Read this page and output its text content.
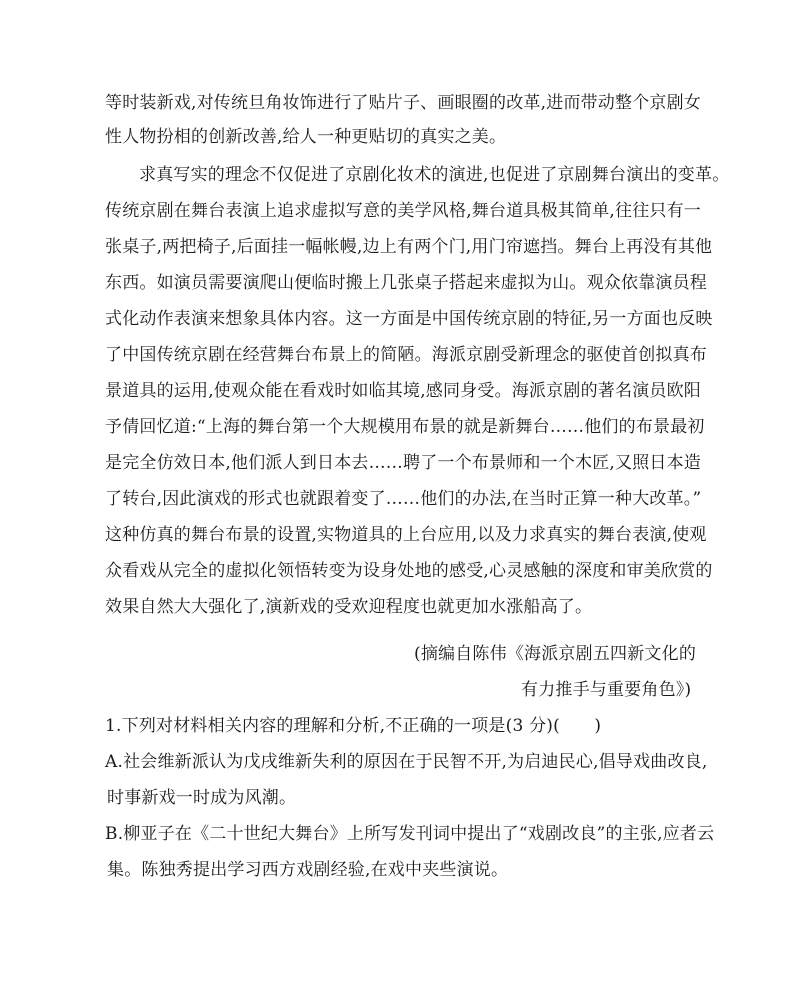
等时装新戏,对传统旦角妆饰进行了贴片子、画眼圈的改革,进而带动整个京剧女
性人物扮相的创新改善,给人一种更贴切的真实之美。
求真写实的理念不仅促进了京剧化妆术的演进,也促进了京剧舞台演出的变革。
传统京剧在舞台表演上追求虚拟写意的美学风格,舞台道具极其简单,往往只有一
张桌子,两把椅子,后面挂一幅帐幔,边上有两个门,用门帘遮挡。舞台上再没有其他
东西。如演员需要演爬山便临时搬上几张桌子搭起来虚拟为山。观众依靠演员程
式化动作表演来想象具体内容。这一方面是中国传统京剧的特征,另一方面也反映
了中国传统京剧在经营舞台布景上的简陋。海派京剧受新理念的驱使首创拟真布
景道具的运用,使观众能在看戏时如临其境,感同身受。海派京剧的著名演员欧阳
予倩回忆道:“上海的舞台第一个大规模用布景的就是新舞台……他们的布景最初
是完全仿效日本,他们派人到日本去……聘了一个布景师和一个木匠,又照日本造
了转台,因此演戏的形式也就跟着变了……他们的办法,在当时正算一种大改革。”
这种仿真的舞台布景的设置,实物道具的上台应用,以及力求真实的舞台表演,使观
众看戏从完全的虚拟化领悟转变为设身处地的感受,心灵感触的深度和审美欣赏的
效果自然大大强化了,演新戏的受欢迎程度也就更加水涨船高了。
(摘编自陈伟《海派京剧五四新文化的
有力推手与重要角色》)
1.下列对材料相关内容的理解和分析,不正确的一项是(3 分)(　　)
A.社会维新派认为戊戌维新失利的原因在于民智不开,为启迪民心,倡导戏曲改良,
时事新戏一时成为风潮。
B.柳亚子在《二十世纪大舞台》上所写发刊词中提出了“戏剧改良”的主张,应者云
集。陈独秀提出学习西方戏剧经验,在戏中夹些演说。
